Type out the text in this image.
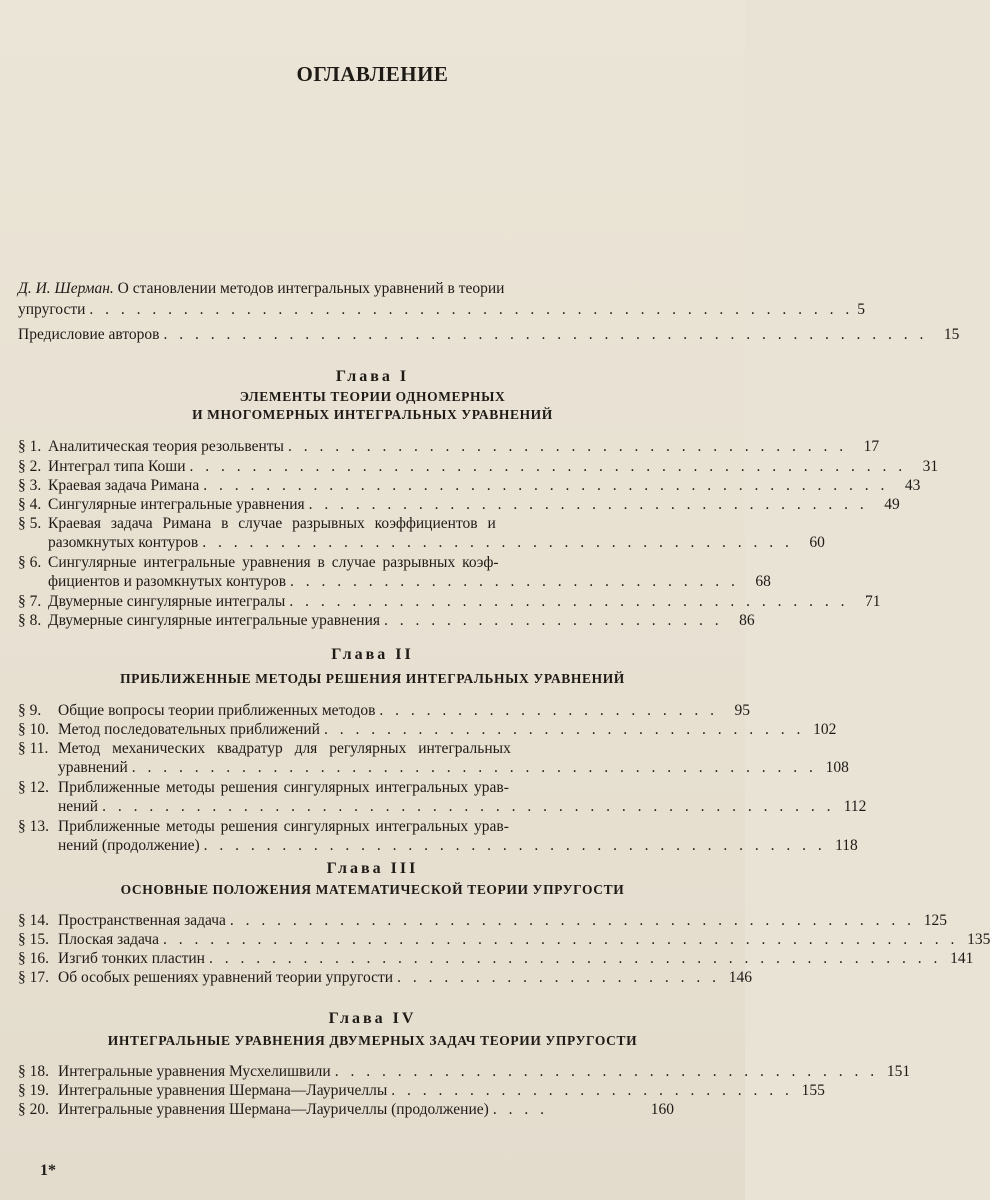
ОГЛАВЛЕНИЕ
Д. И. Шерман. О становлении методов интегральных уравнений в теории
упругости . . . . . . . . . . . . . . . . . . . . . . . . . . . . . . . . . . . . . . . . . . . . . . . . . 5
Предисловие авторов . . . . . . . . . . . . . . . . . . . . . . . . . . . . . . . . . . . . . . . . . . . . . . . . .	15
Глава I
ЭЛЕМЕНТЫ ТЕОРИИ ОДНОМЕРНЫХ
И МНОГОМЕРНЫХ ИНТЕГРАЛЬНЫХ УРАВНЕНИЙ
§ 1. Аналитическая теория резольвенты . . . . . . . . . . . . . . . . . . . . . . . . . . . . . . . . . . . .	17
§ 2. Интеграл типа Коши . . . . . . . . . . . . . . . . . . . . . . . . . . . . . . . . . . . . . . . . . . . . . .	31
§ 3. Краевая задача Римана . . . . . . . . . . . . . . . . . . . . . . . . . . . . . . . . . . . . . . . . . . . .	43
§ 4. Сингулярные интегральные уравнения . . . . . . . . . . . . . . . . . . . . . . . . . . . . . . . . . . . .	49
§ 5. Краевая задача Римана в случае разрывных коэффициентов и
разомкнутых контуров . . . . . . . . . . . . . . . . . . . . . . . . . . . . . . . . . . . . . .	60
§ 6. Сингулярные интегральные уравнения в случае разрывных коэф-
фициентов и разомкнутых контуров . . . . . . . . . . . . . . . . . . . . . . . . . . . . .	68
§ 7. Двумерные сингулярные интегралы . . . . . . . . . . . . . . . . . . . . . . . . . . . . . . . . . . . .	71
§ 8. Двумерные сингулярные интегральные уравнения . . . . . . . . . . . . . . . . . . . . . .	86
Глава II
ПРИБЛИЖЕННЫЕ МЕТОДЫ РЕШЕНИЯ ИНТЕГРАЛЬНЫХ УРАВНЕНИЙ
§ 9.	Общие вопросы теории приближенных методов . . . . . . . . . . . . . . . . . . . . . .	95
§ 10. Метод последовательных приближений . . . . . . . . . . . . . . . . . . . . . . . . . . . . . . . 102
§ 11. Метод механических квадратур для регулярных интегральных
уравнений . . . . . . . . . . . . . . . . . . . . . . . . . . . . . . . . . . . . . . . . . . . . 108
§ 12. Приближенные методы решения сингулярных интегральных урав-
нений . . . . . . . . . . . . . . . . . . . . . . . . . . . . . . . . . . . . . . . . . . . . . . . 112
§ 13. Приближенные методы решения сингулярных интегральных урав-
нений (продолжение) . . . . . . . . . . . . . . . . . . . . . . . . . . . . . . . . . . . . . . . . 118
Глава III
ОСНОВНЫЕ ПОЛОЖЕНИЯ МАТЕМАТИЧЕСКОЙ ТЕОРИИ УПРУГОСТИ
§ 14. Пространственная задача . . . . . . . . . . . . . . . . . . . . . . . . . . . . . . . . . . . . . . . . . . . . 125
§ 15. Плоская задача . . . . . . . . . . . . . . . . . . . . . . . . . . . . . . . . . . . . . . . . . . . . . . . . . . . 135
§ 16. Изгиб тонких пластин . . . . . . . . . . . . . . . . . . . . . . . . . . . . . . . . . . . . . . . . . . . . . . . 141
§ 17. Об особых решениях уравнений теории упругости . . . . . . . . . . . . . . . . . . . . . 146
Глава IV
ИНТЕГРАЛЬНЫЕ УРАВНЕНИЯ ДВУМЕРНЫХ ЗАДАЧ ТЕОРИИ УПРУГОСТИ
§ 18. Интегральные уравнения Мусхелишвили . . . . . . . . . . . . . . . . . . . . . . . . . . . . . . . . . . . 151
§ 19. Интегральные уравнения Шермана—Лауричеллы . . . . . . . . . . . . . . . . . . . . . . . . . . 155
§ 20. Интегральные уравнения Шермана—Лауричеллы (продолжение) . . . .	160
1*
